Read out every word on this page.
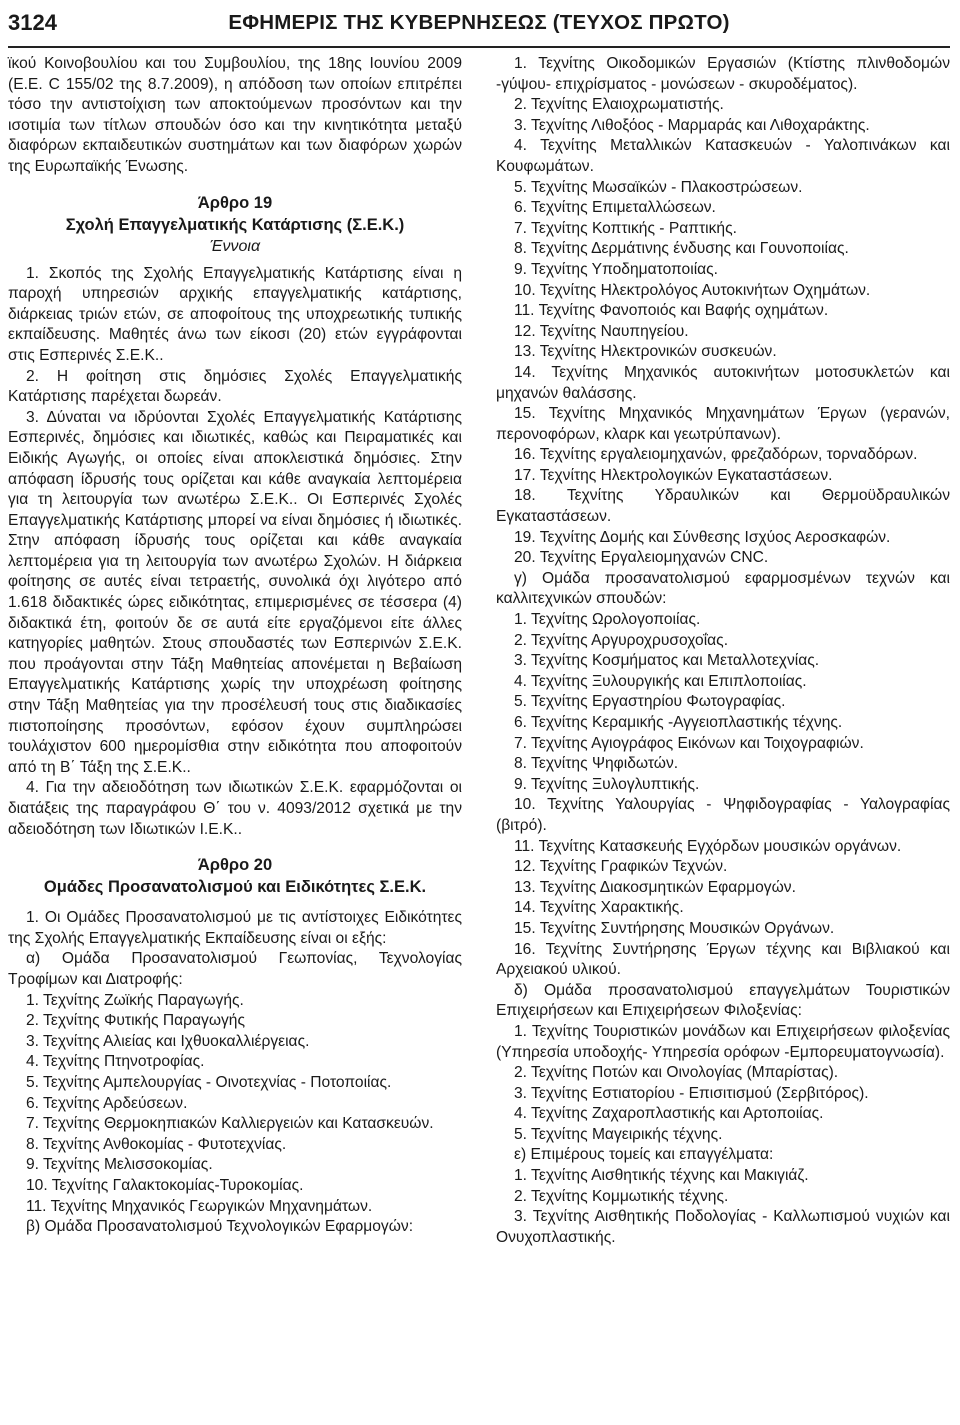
3124	ΕΦΗΜΕΡΙΣ ΤΗΣ ΚΥΒΕΡΝΗΣΕΩΣ (ΤΕΥΧΟΣ ΠΡΩΤΟ)

ϊκού Κοινοβουλίου και του Συμβουλίου, της 18ης Ιουνίου 2009 (Ε.Ε. C 155/02 της 8.7.2009), η απόδοση των οποίων επιτρέπει τόσο την αντιστοίχιση των αποκτούμενων προσόντων και την ισοτιμία των τίτλων σπουδών όσο και την κινητικότητα μεταξύ διαφόρων εκπαιδευτικών συστημάτων και των διαφόρων χωρών της Ευρωπαϊκής Ένωσης.

Άρθρο 19

Σχολή Επαγγελματικής Κατάρτισης (Σ.Ε.Κ.)

Έννοια

1. Σκοπός της Σχολής Επαγγελματικής Κατάρτισης είναι η παροχή υπηρεσιών αρχικής επαγγελματικής κατάρτισης, διάρκειας τριών ετών, σε αποφοίτους της υποχρεωτικής τυπικής εκπαίδευσης. Μαθητές άνω των είκοσι (20) ετών εγγράφονται στις Εσπερινές Σ.Ε.Κ..

2. Η φοίτηση στις δημόσιες Σχολές Επαγγελματικής Κατάρτισης παρέχεται δωρεάν.

3. Δύναται να ιδρύονται Σχολές Επαγγελματικής Κατάρτισης Εσπερινές, δημόσιες και ιδιωτικές, καθώς και Πειραματικές και Ειδικής Αγωγής, οι οποίες είναι αποκλειστικά δημόσιες. Στην απόφαση ίδρυσής τους ορίζεται και κάθε αναγκαία λεπτομέρεια για τη λειτουργία των ανωτέρω Σ.Ε.Κ.. Οι Εσπερινές Σχολές Επαγγελματικής Κατάρτισης μπορεί να είναι δημόσιες ή ιδιωτικές. Στην απόφαση ίδρυσής τους ορίζεται και κάθε αναγκαία λεπτομέρεια για τη λειτουργία των ανωτέρω Σχολών. Η διάρκεια φοίτησης σε αυτές είναι τετραετής, συνολικά όχι λιγότερο από 1.618 διδακτικές ώρες ειδικότητας, επιμερισμένες σε τέσσερα (4) διδακτικά έτη, φοιτούν δε σε αυτά είτε εργαζόμενοι είτε άλλες κατηγορίες μαθητών. Στους σπουδαστές των Εσπερινών Σ.Ε.Κ. που προάγονται στην Τάξη Μαθητείας απονέμεται η Βεβαίωση Επαγγελματικής Κατάρτισης χωρίς την υποχρέωση φοίτησης στην Τάξη Μαθητείας για την προσέλευσή τους στις διαδικασίες πιστοποίησης προσόντων, εφόσον έχουν συμπληρώσει τουλάχιστον 600 ημερομίσθια στην ειδικότητα που αποφοιτούν από τη Β΄ Τάξη της Σ.Ε.Κ..

4. Για την αδειοδότηση των ιδιωτικών Σ.Ε.Κ. εφαρμόζονται οι διατάξεις της παραγράφου Θ΄ του ν. 4093/2012 σχετικά με την αδειοδότηση των Ιδιωτικών Ι.Ε.Κ..

Άρθρο 20

Ομάδες Προσανατολισμού και Ειδικότητες Σ.Ε.Κ.

1. Οι Ομάδες Προσανατολισμού με τις αντίστοιχες Ειδικότητες της Σχολής Επαγγελματικής Εκπαίδευσης είναι οι εξής:

α) Ομάδα Προσανατολισμού Γεωπονίας, Τεχνολογίας Τροφίμων και Διατροφής:

1. Τεχνίτης Ζωϊκής Παραγωγής.

2. Τεχνίτης Φυτικής Παραγωγής

3. Τεχνίτης Αλιείας και Ιχθυοκαλλιέργειας.

4. Τεχνίτης Πτηνοτροφίας.

5. Τεχνίτης Αμπελουργίας - Οινοτεχνίας - Ποτοποιίας.

6. Τεχνίτης Αρδεύσεων.

7. Τεχνίτης Θερμοκηπιακών Καλλιεργειών και Κατασκευών.

8. Τεχνίτης Ανθοκομίας - Φυτοτεχνίας.

9. Τεχνίτης Μελισσοκομίας.

10. Τεχνίτης Γαλακτοκομίας-Τυροκομίας.

11. Τεχνίτης Μηχανικός Γεωργικών Μηχανημάτων.

β) Ομάδα Προσανατολισμού Τεχνολογικών Εφαρμογών:

1. Τεχνίτης Οικοδομικών Εργασιών (Κτίστης πλινθοδομών -γύψου- επιχρίσματος - μονώσεων - σκυροδέματος).

2. Τεχνίτης Ελαιοχρωματιστής.

3. Τεχνίτης Λιθοξόος - Μαρμαράς και Λιθοχαράκτης.

4. Τεχνίτης Μεταλλικών Κατασκευών - Υαλοπινάκων και Κουφωμάτων.

5. Τεχνίτης Μωσαϊκών - Πλακοστρώσεων.

6. Τεχνίτης Επιμεταλλώσεων.

7. Τεχνίτης Κοπτικής - Ραπτικής.

8. Τεχνίτης Δερμάτινης ένδυσης και Γουνοποιίας.

9. Τεχνίτης Υποδηματοποιίας.

10. Τεχνίτης Ηλεκτρολόγος Αυτοκινήτων Οχημάτων.

11. Τεχνίτης Φανοποιός και Βαφής οχημάτων.

12. Τεχνίτης Ναυπηγείου.

13. Τεχνίτης Ηλεκτρονικών συσκευών.

14. Τεχνίτης Μηχανικός αυτοκινήτων μοτοσυκλετών και μηχανών θαλάσσης.

15. Τεχνίτης Μηχανικός Μηχανημάτων Έργων (γερανών, περονοφόρων, κλαρκ και γεωτρύπανων).

16. Τεχνίτης εργαλειομηχανών, φρεζαδόρων, τορναδόρων.

17. Τεχνίτης Ηλεκτρολογικών Εγκαταστάσεων.

18. Τεχνίτης Υδραυλικών και Θερμοϋδραυλικών Εγκαταστάσεων.

19. Τεχνίτης Δομής και Σύνθεσης Ισχύος Αεροσκαφών.

20. Τεχνίτης Εργαλειομηχανών CNC.

γ) Ομάδα προσανατολισμού εφαρμοσμένων τεχνών και καλλιτεχνικών σπουδών:

1. Τεχνίτης Ωρολογοποιίας.

2. Τεχνίτης Αργυροχρυσοχοΐας.

3. Τεχνίτης Κοσμήματος και Μεταλλοτεχνίας.

4. Τεχνίτης Ξυλουργικής και Επιπλοποιίας.

5. Τεχνίτης Εργαστηρίου Φωτογραφίας.

6. Τεχνίτης Κεραμικής -Αγγειοπλαστικής τέχνης.

7. Τεχνίτης Αγιογράφος Εικόνων και Τοιχογραφιών.

8. Τεχνίτης Ψηφιδωτών.

9. Τεχνίτης Ξυλογλυπτικής.

10. Τεχνίτης Υαλουργίας - Ψηφιδογραφίας - Υαλογραφίας (βιτρό).

11. Τεχνίτης Κατασκευής Εγχόρδων μουσικών οργάνων.

12. Τεχνίτης Γραφικών Τεχνών.

13. Τεχνίτης Διακοσμητικών Εφαρμογών.

14. Τεχνίτης Χαρακτικής.

15. Τεχνίτης Συντήρησης Μουσικών Οργάνων.

16. Τεχνίτης Συντήρησης Έργων τέχνης και Βιβλιακού και Αρχειακού υλικού.

δ) Ομάδα προσανατολισμού επαγγελμάτων Τουριστικών Επιχειρήσεων και Επιχειρήσεων Φιλοξενίας:

1. Τεχνίτης Τουριστικών μονάδων και Επιχειρήσεων φιλοξενίας (Υπηρεσία υποδοχής- Υπηρεσία ορόφων -Εμπορευματογνωσία).

2. Τεχνίτης Ποτών και Οινολογίας (Μπαρίστας).

3. Τεχνίτης Εστιατορίου - Επισιτισμού (Σερβιτόρος).

4. Τεχνίτης Ζαχαροπλαστικής και Αρτοποιίας.

5. Τεχνίτης Μαγειρικής τέχνης.

ε) Επιμέρους τομείς και επαγγέλματα:

1. Τεχνίτης Αισθητικής τέχνης και Μακιγιάζ.

2. Τεχνίτης Κομμωτικής τέχνης.

3. Τεχνίτης Αισθητικής Ποδολογίας - Καλλωπισμού νυχιών και Ονυχοπλαστικής.
